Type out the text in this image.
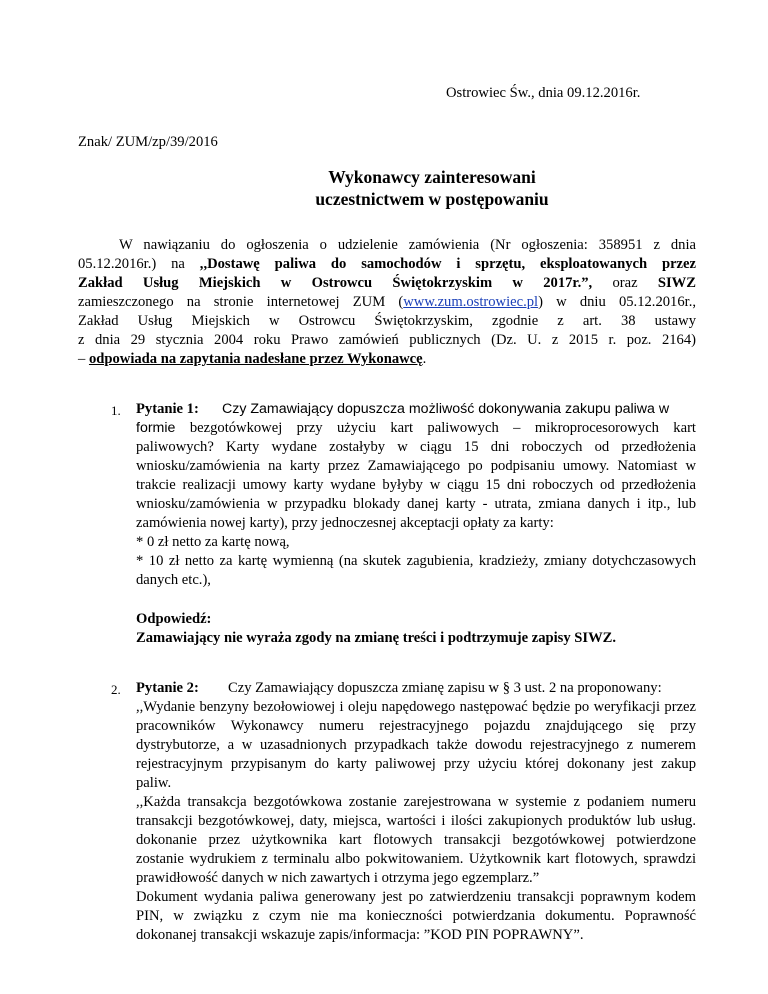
Ostrowiec Św., dnia 09.12.2016r.
Znak/ ZUM/zp/39/2016
Wykonawcy zainteresowani
uczestnictwem w postępowaniu
W nawiązaniu do ogłoszenia o udzielenie zamówienia (Nr ogłoszenia: 358951 z dnia
05.12.2016r.) na ,,Dostawę paliwa do samochodów i sprzętu, eksploatowanych przez
Zakład Usług Miejskich w Ostrowcu Świętokrzyskim w 2017r.”, oraz SIWZ
zamieszczonego na stronie internetowej ZUM (www.zum.ostrowiec.pl) w dniu 05.12.2016r.,
Zakład Usług Miejskich w Ostrowcu Świętokrzyskim, zgodnie z art. 38 ustawy
z dnia 29 stycznia 2004 roku Prawo zamówień publicznych (Dz. U. z 2015 r. poz. 2164)
– odpowiada na zapytania nadesłane przez Wykonawcę.
1. Pytanie 1: Czy Zamawiający dopuszcza możliwość dokonywania zakupu paliwa w
formie bezgotówkowej przy użyciu kart paliwowych – mikroprocesorowych kart
paliwowych? Karty wydane zostałyby w ciągu 15 dni roboczych od przedłożenia
wniosku/zamówienia na karty przez Zamawiającego po podpisaniu umowy. Natomiast w
trakcie realizacji umowy karty wydane byłyby w ciągu 15 dni roboczych od przedłożenia
wniosku/zamówienia w przypadku blokady danej karty - utrata, zmiana danych i itp., lub
zamówienia nowej karty), przy jednoczesnej akceptacji opłaty za karty:
* 0 zł netto za kartę nową,
* 10 zł netto za kartę wymienną (na skutek zagubienia, kradzieży, zmiany dotychczasowych
danych etc.),
Odpowiedź:
Zamawiający nie wyraża zgody na zmianę treści i podtrzymuje zapisy SIWZ.
2. Pytanie 2: Czy Zamawiający dopuszcza zmianę zapisu w § 3 ust. 2 na proponowany:
,,Wydanie benzyny bezołowiowej i oleju napędowego następować będzie po weryfikacji przez
pracowników Wykonawcy numeru rejestracyjnego pojazdu znajdującego się przy
dystrybutorze, a w uzasadnionych przypadkach także dowodu rejestracyjnego z numerem
rejestracyjnym przypisanym do karty paliwowej przy użyciu której dokonany jest zakup
paliw.
,,Każda transakcja bezgotówkowa zostanie zarejestrowana w systemie z podaniem numeru
transakcji bezgotówkowej, daty, miejsca, wartości i ilości zakupionych produktów lub usług.
dokonanie przez użytkownika kart flotowych transakcji bezgotówkowej potwierdzone
zostanie wydrukiem z terminalu albo pokwitowaniem. Użytkownik kart flotowych, sprawdzi
prawidłowość danych w nich zawartych i otrzyma jego egzemplarz.”
Dokument wydania paliwa generowany jest po zatwierdzeniu transakcji poprawnym kodem
PIN, w związku z czym nie ma konieczności potwierdzania dokumentu. Poprawność
dokonanej transakcji wskazuje zapis/informacja: ”KOD PIN POPRAWNY”.
